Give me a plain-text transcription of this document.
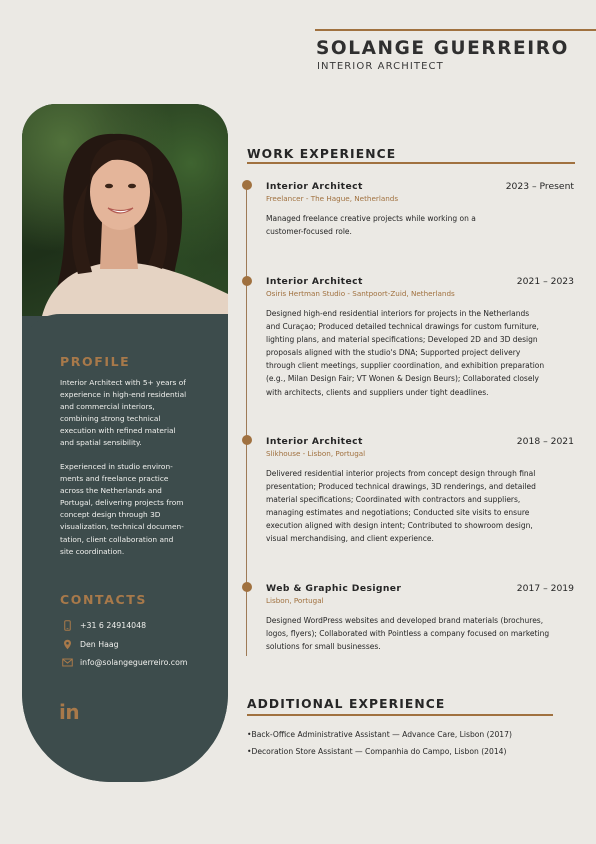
SOLANGE GUERREIRO
INTERIOR ARCHITECT
PROFILE
Interior Architect with 5+ years of
experience in high-end residential
and commercial interiors,
combining strong technical
execution with refined material
and spatial sensibility.
Experienced in studio environ-
ments and freelance practice
across the Netherlands and
Portugal, delivering projects from
concept design through 3D
visualization, technical documen-
tation, client collaboration and
site coordination.
CONTACTS
+31 6 24914048
Den Haag
info@solangeguerreiro.com
in
WORK EXPERIENCE
Interior Architect	2023 – Present
Freelancer - The Hague, Netherlands
Managed freelance creative projects while working on a
customer-focused role.
Interior Architect	2021 – 2023
Osiris Hertman Studio - Santpoort-Zuid, Netherlands
Designed high-end residential interiors for projects in the Netherlands
and Curaçao; Produced detailed technical drawings for custom furniture,
lighting plans, and material specifications; Developed 2D and 3D design
proposals aligned with the studio's DNA; Supported project delivery
through client meetings, supplier coordination, and exhibition preparation
(e.g., Milan Design Fair; VT Wonen & Design Beurs); Collaborated closely
with architects, clients and suppliers under tight deadlines.
Interior Architect	2018 – 2021
Slikhouse - Lisbon, Portugal
Delivered residential interior projects from concept design through final
presentation; Produced technical drawings, 3D renderings, and detailed
material specifications; Coordinated with contractors and suppliers,
managing estimates and negotiations; Conducted site visits to ensure
execution aligned with design intent; Contributed to showroom design,
visual merchandising, and client experience.
Web & Graphic Designer	2017 – 2019
Lisbon, Portugal
Designed WordPress websites and developed brand materials (brochures,
logos, flyers); Collaborated with Pointless a company focused on marketing
solutions for small businesses.
ADDITIONAL EXPERIENCE
•Back-Office Administrative Assistant — Advance Care, Lisbon (2017)
•Decoration Store Assistant — Companhia do Campo, Lisbon (2014)
